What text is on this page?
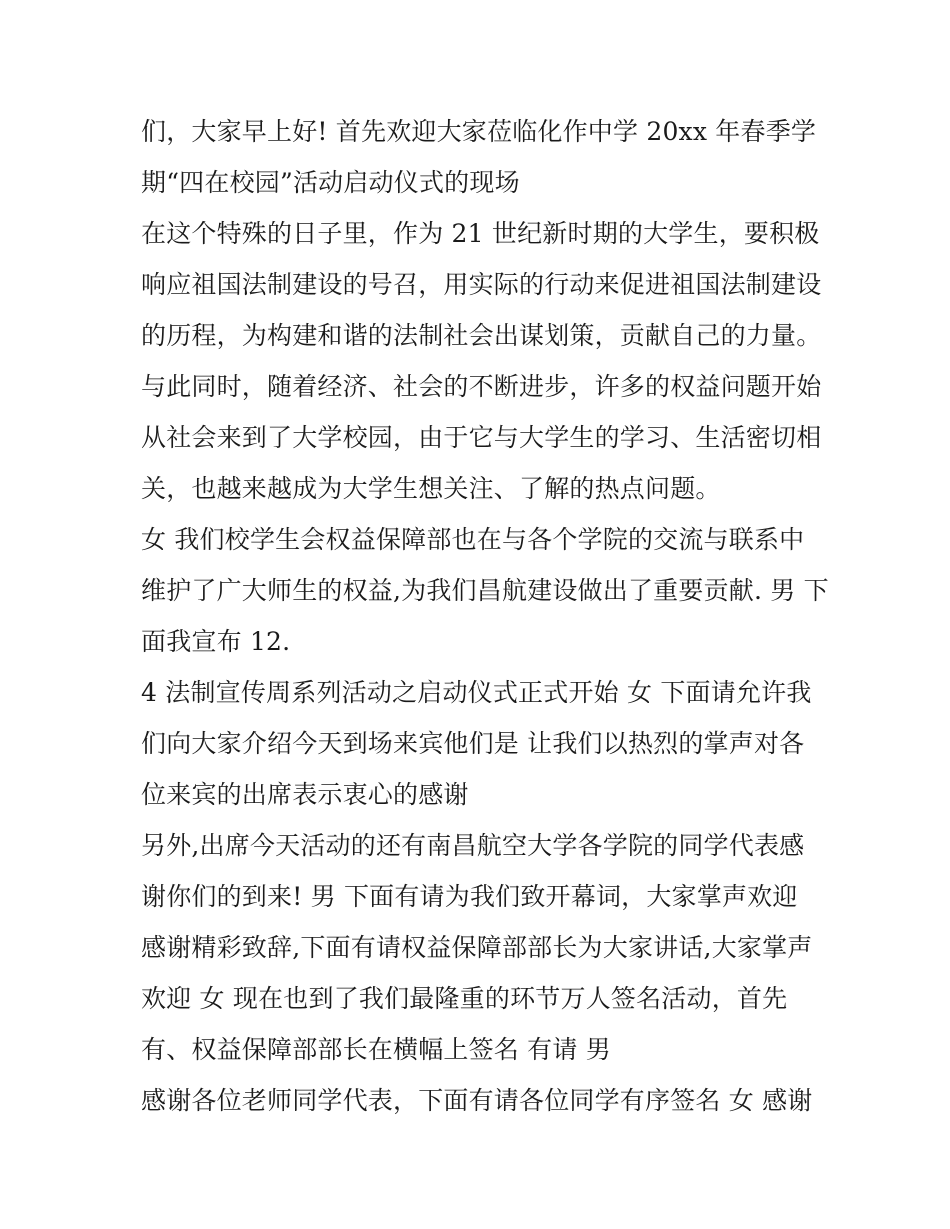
们，大家早上好! 首先欢迎大家莅临化作中学 20xx 年春季学
期“四在校园”活动启动仪式的现场
在这个特殊的日子里，作为 21 世纪新时期的大学生，要积极
响应祖国法制建设的号召，用实际的行动来促进祖国法制建设
的历程，为构建和谐的法制社会出谋划策，贡献自己的力量。
与此同时，随着经济、社会的不断进步，许多的权益问题开始
从社会来到了大学校园，由于它与大学生的学习、生活密切相
关，也越来越成为大学生想关注、了解的热点问题。
女 我们校学生会权益保障部也在与各个学院的交流与联系中
维护了广大师生的权益,为我们昌航建设做出了重要贡献. 男 下
面我宣布 12.
4 法制宣传周系列活动之启动仪式正式开始 女 下面请允许我
们向大家介绍今天到场来宾他们是 让我们以热烈的掌声对各
位来宾的出席表示衷心的感谢
另外,出席今天活动的还有南昌航空大学各学院的同学代表感
谢你们的到来! 男 下面有请为我们致开幕词，大家掌声欢迎
感谢精彩致辞,下面有请权益保障部部长为大家讲话,大家掌声
欢迎 女 现在也到了我们最隆重的环节万人签名活动，首先
有、权益保障部部长在横幅上签名 有请 男
感谢各位老师同学代表，下面有请各位同学有序签名 女 感谢
